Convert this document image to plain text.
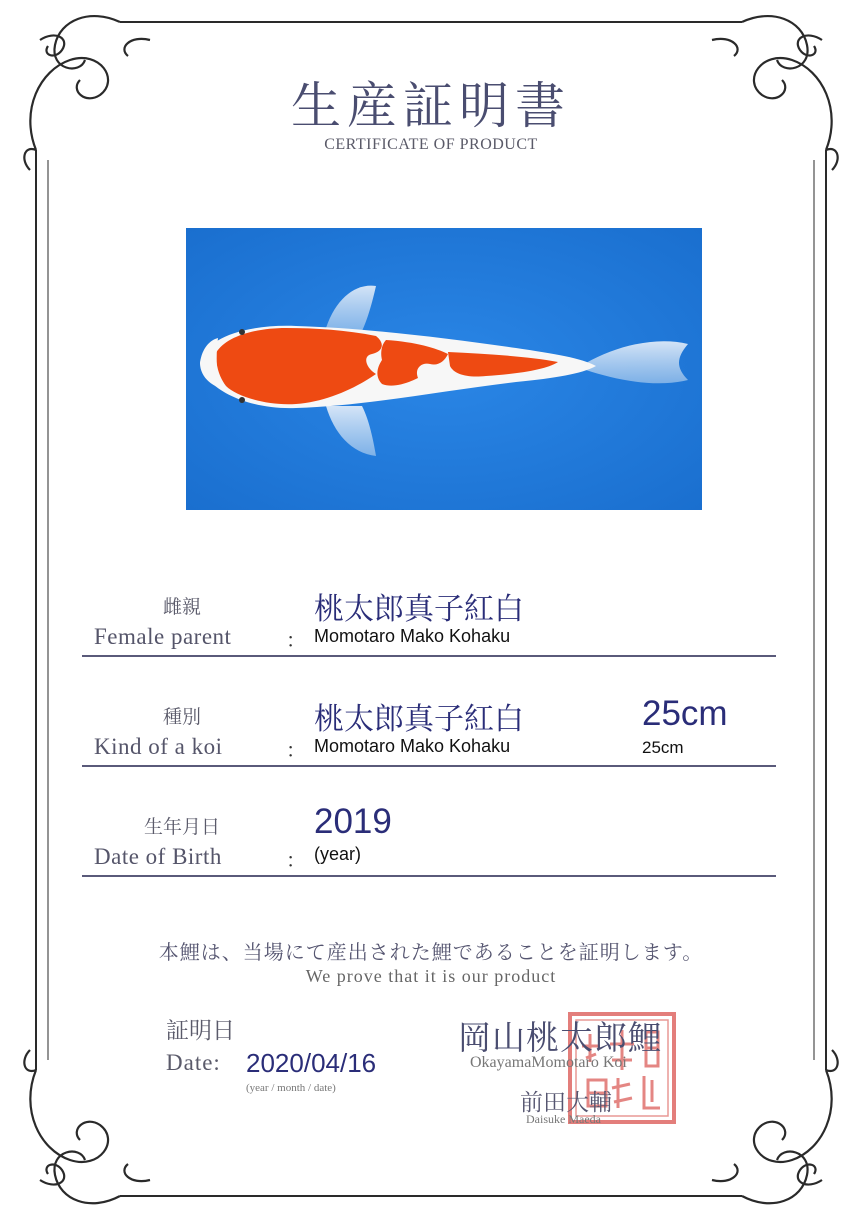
生産証明書
CERTIFICATE OF PRODUCT
雌親
Female parent	：
桃太郎真子紅白
Momotaro Mako Kohaku
種別
Kind of a koi	：
桃太郎真子紅白
Momotaro Mako Kohaku
25cm
25cm
生年月日
Date of Birth	：
2019
(year)
本鯉は、当場にて産出された鯉であることを証明します。
We prove that it is our product
証明日
Date: 2020/04/16
(year / month / date)
岡山桃太郎鯉
OkayamaMomotaro Koi
前田大輔
Daisuke Maeda
